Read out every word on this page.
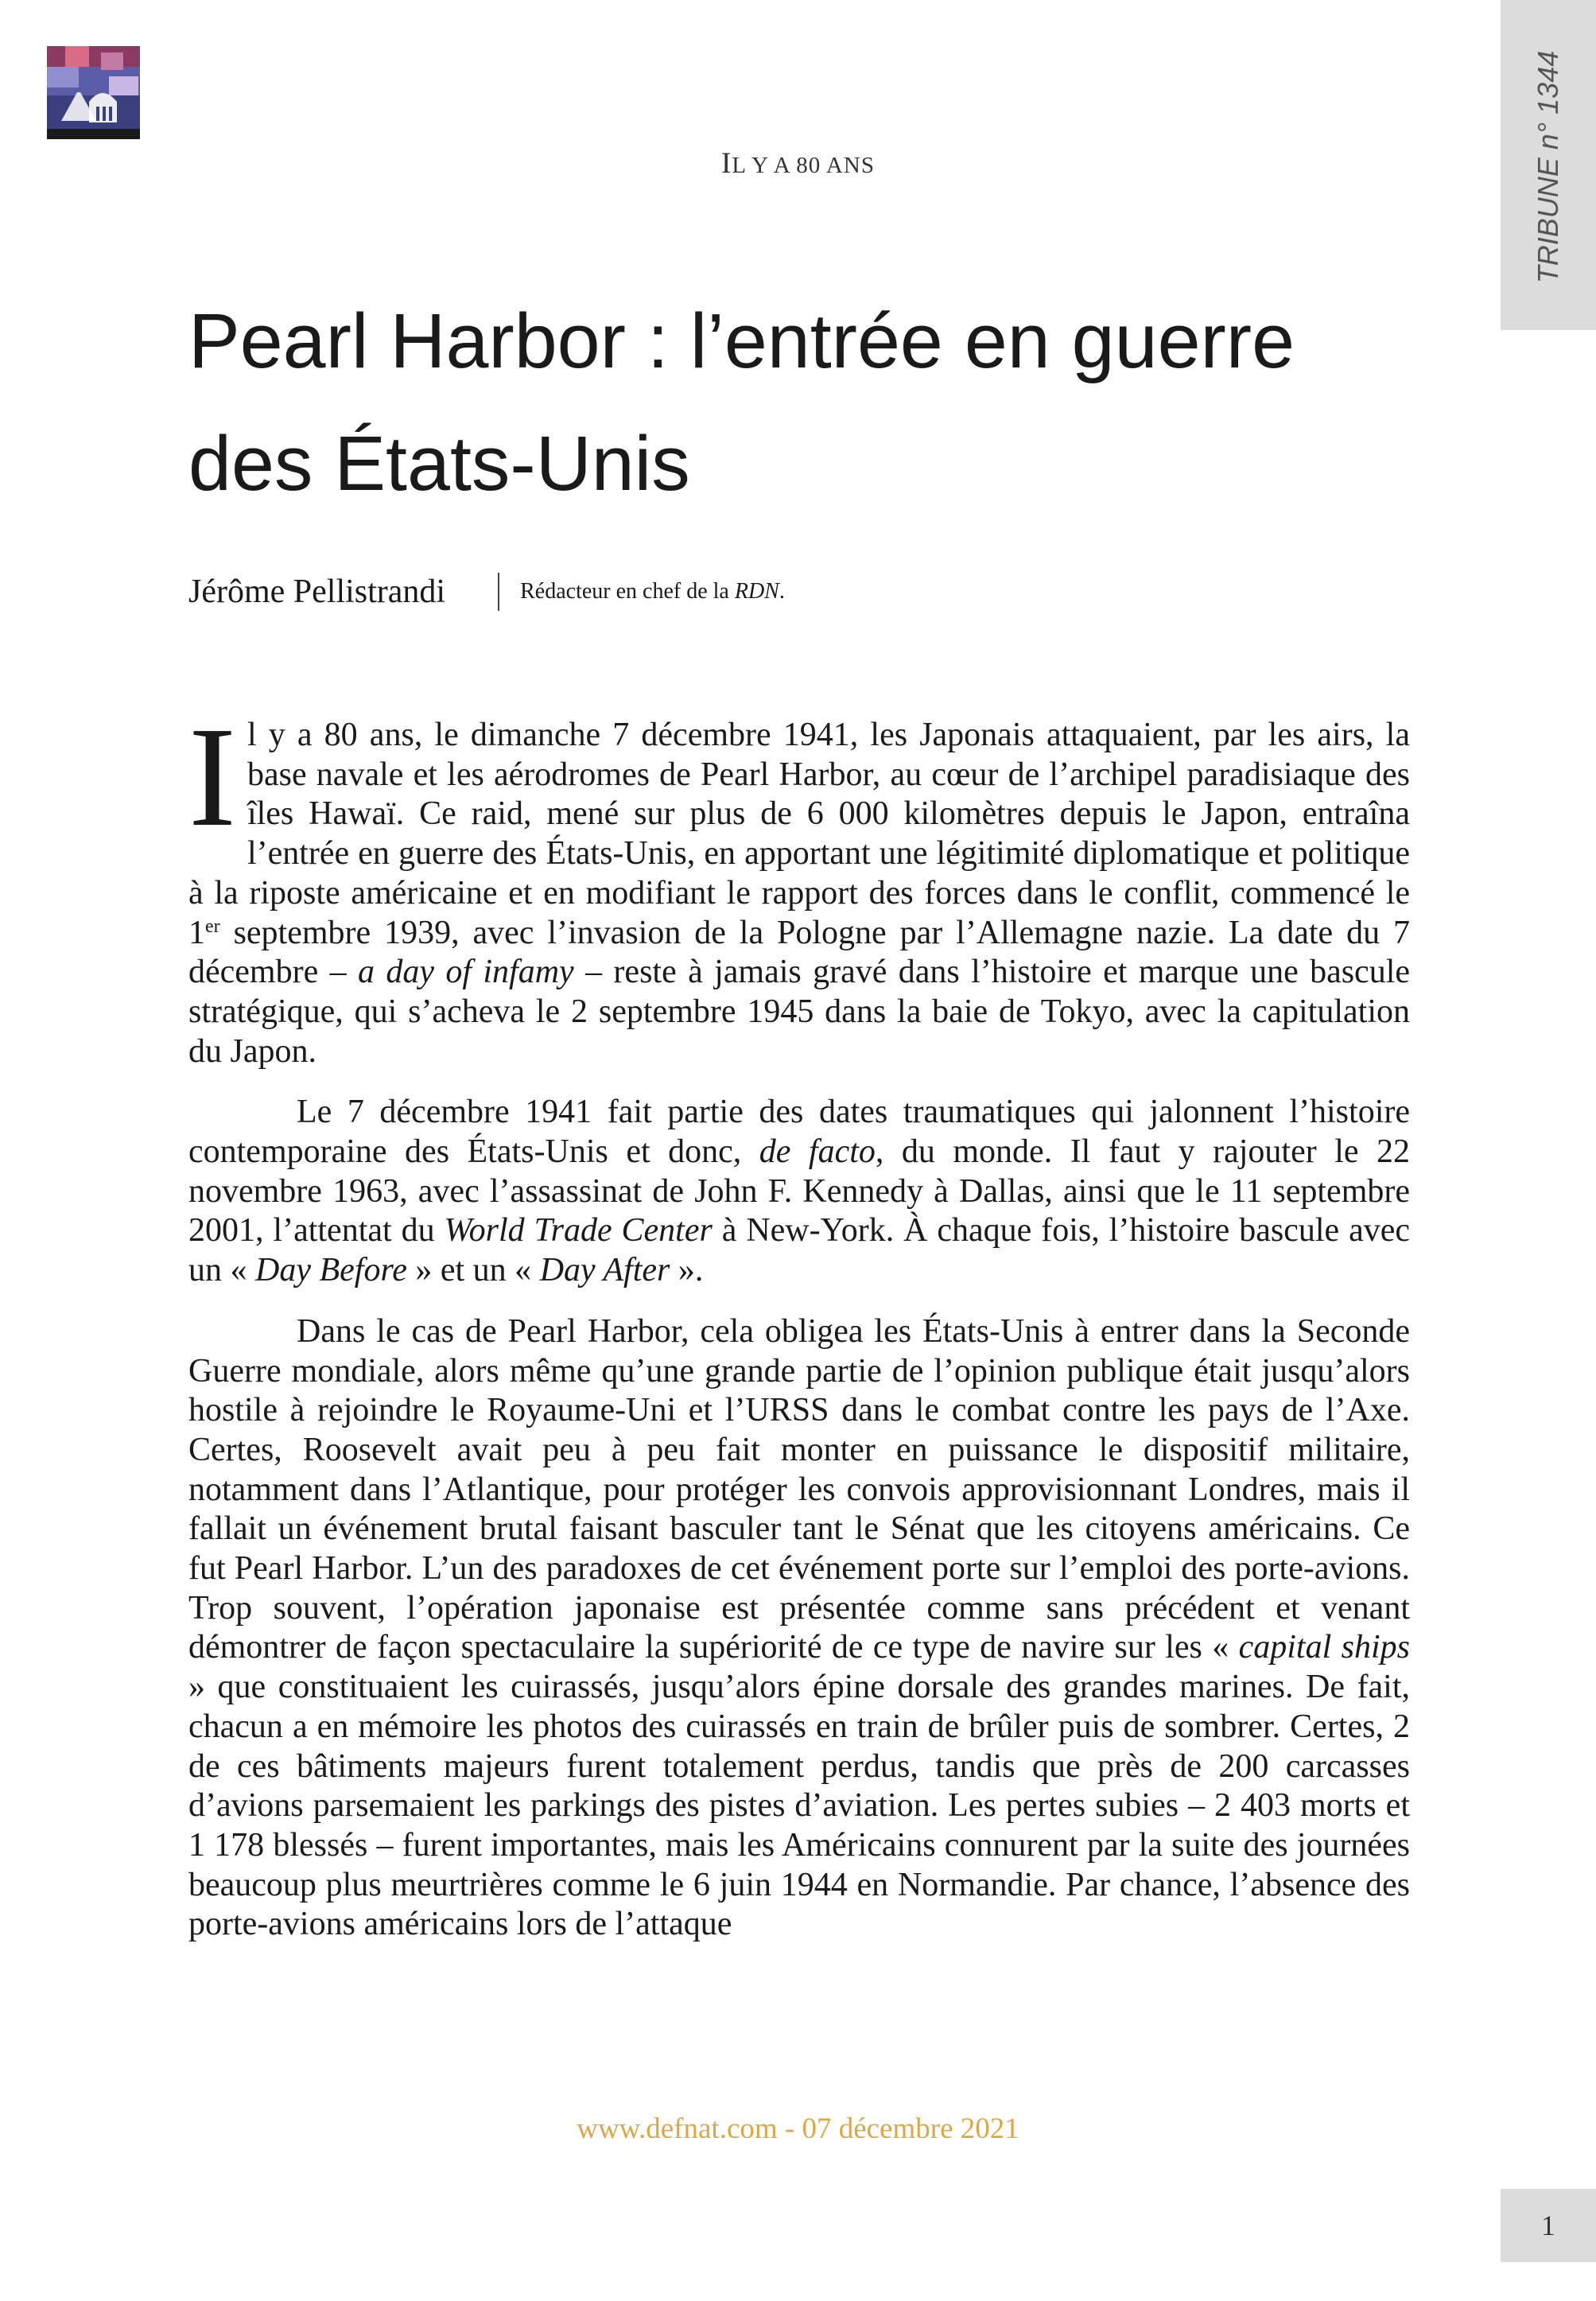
TRIBUNE n° 1344
IL Y A 80 ANS
Pearl Harbor : l’entrée en guerre
des États-Unis
Jérôme Pellistrandi	Rédacteur en chef de la RDN.

Il y a 80 ans, le dimanche 7 décembre 1941, les Japonais attaquaient, par les airs, la base navale et les aérodromes de Pearl Harbor, au cœur de l’archipel paradisiaque des îles Hawaï. Ce raid, mené sur plus de 6 000 kilomètres depuis le Japon, entraîna l’entrée en guerre des États-Unis, en apportant une légitimité diplomatique et politique à la riposte américaine et en modifiant le rapport des forces dans le conflit, commencé le 1er septembre 1939, avec l’invasion de la Pologne par l’Allemagne nazie. La date du 7 décembre – a day of infamy – reste à jamais gravé dans l’histoire et marque une bascule stratégique, qui s’acheva le 2 septembre 1945 dans la baie de Tokyo, avec la capitulation du Japon.

Le 7 décembre 1941 fait partie des dates traumatiques qui jalonnent l’histoire contemporaine des États-Unis et donc, de facto, du monde. Il faut y rajouter le 22 novembre 1963, avec l’assassinat de John F. Kennedy à Dallas, ainsi que le 11 septembre 2001, l’attentat du World Trade Center à New-York. À chaque fois, l’histoire bascule avec un « Day Before » et un « Day After ».

Dans le cas de Pearl Harbor, cela obligea les États-Unis à entrer dans la Seconde Guerre mondiale, alors même qu’une grande partie de l’opinion publique était jusqu’alors hostile à rejoindre le Royaume-Uni et l’URSS dans le combat contre les pays de l’Axe. Certes, Roosevelt avait peu à peu fait monter en puissance le dispositif militaire, notamment dans l’Atlantique, pour protéger les convois approvisionnant Londres, mais il fallait un événement brutal faisant basculer tant le Sénat que les citoyens américains. Ce fut Pearl Harbor. L’un des paradoxes de cet événement porte sur l’emploi des porte-avions. Trop souvent, l’opération japonaise est présentée comme sans précédent et venant démontrer de façon spectaculaire la supériorité de ce type de navire sur les « capital ships » que constituaient les cuirassés, jusqu’alors épine dorsale des grandes marines. De fait, chacun a en mémoire les photos des cuirassés en train de brûler puis de sombrer. Certes, 2 de ces bâtiments majeurs furent totalement perdus, tandis que près de 200 carcasses d’avions parsemaient les parkings des pistes d’aviation. Les pertes subies – 2 403 morts et 1 178 blessés – furent importantes, mais les Américains connurent par la suite des journées beaucoup plus meurtrières comme le 6 juin 1944 en Normandie. Par chance, l’absence des porte-avions américains lors de l’attaque

www.defnat.com - 07 décembre 2021
1
